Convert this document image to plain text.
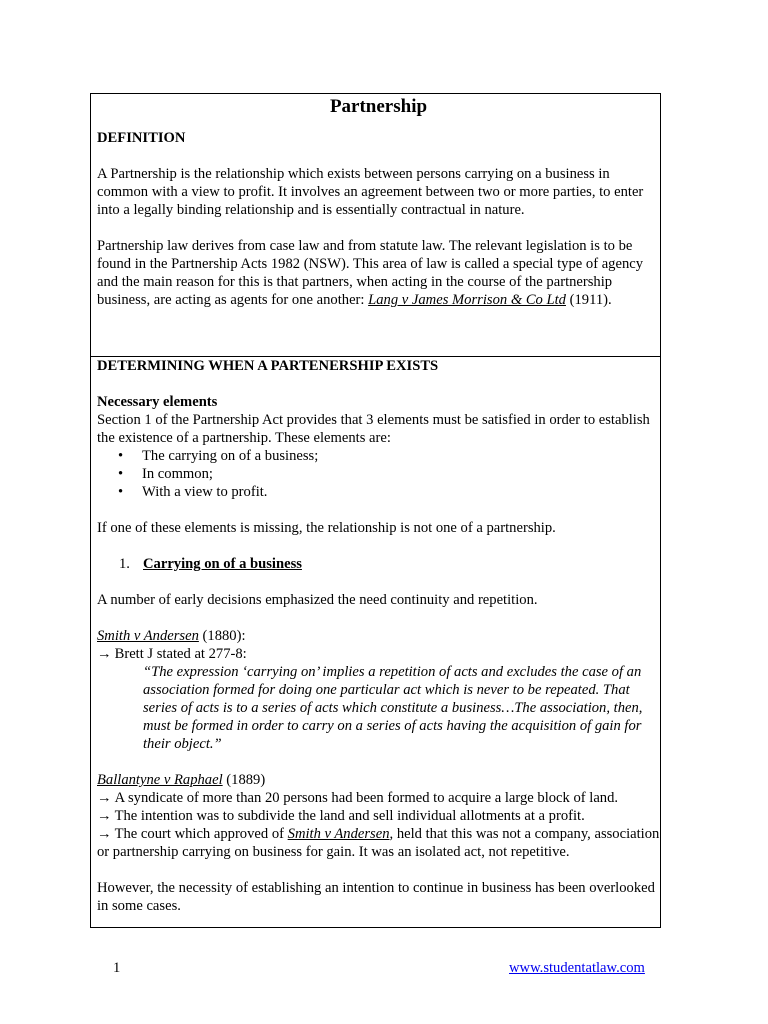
Partnership

DEFINITION

A Partnership is the relationship which exists between persons carrying on a business in common with a view to profit. It involves an agreement between two or more parties, to enter into a legally binding relationship and is essentially contractual in nature.

Partnership law derives from case law and from statute law. The relevant legislation is to be found in the Partnership Acts 1982 (NSW). This area of law is called a special type of agency and the main reason for this is that partners, when acting in the course of the partnership business, are acting as agents for one another: Lang v James Morrison & Co Ltd (1911).

DETERMINING WHEN A PARTENERSHIP EXISTS

Necessary elements

Section 1 of the Partnership Act provides that 3 elements must be satisfied in order to establish the existence of a partnership. These elements are:

• The carrying on of a business;
• In common;
• With a view to profit.

If one of these elements is missing, the relationship is not one of a partnership.

1. Carrying on of a business

A number of early decisions emphasized the need continuity and repetition.

Smith v Andersen (1880):

→ Brett J stated at 277-8:

“The expression ‘carrying on’ implies a repetition of acts and excludes the case of an association formed for doing one particular act which is never to be repeated. That series of acts is to a series of acts which constitute a business…The association, then, must be formed in order to carry on a series of acts having the acquisition of gain for their object.”

Ballantyne v Raphael (1889)

→ A syndicate of more than 20 persons had been formed to acquire a large block of land.

→ The intention was to subdivide the land and sell individual allotments at a profit.

→ The court which approved of Smith v Andersen, held that this was not a company, association or partnership carrying on business for gain. It was an isolated act, not repetitive.

However, the necessity of establishing an intention to continue in business has been overlooked in some cases.

1	www.studentatlaw.com
